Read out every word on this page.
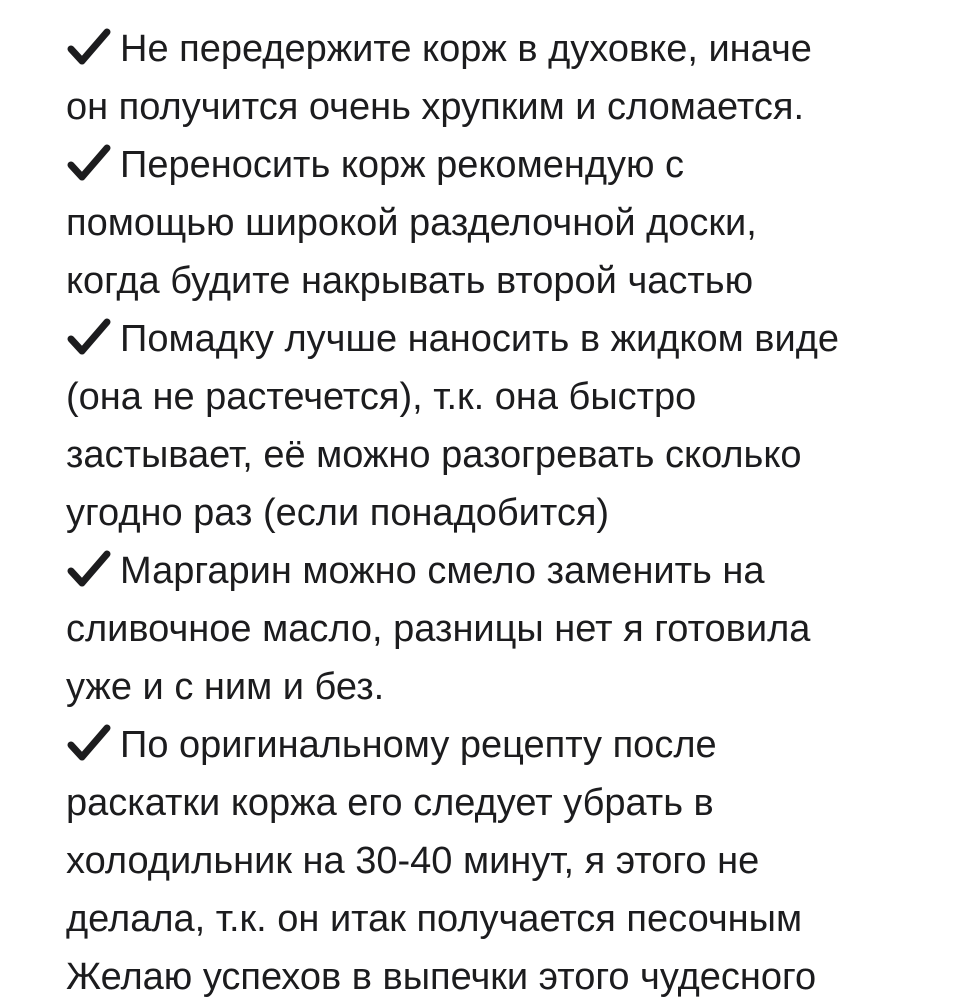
Не передержите корж в духовке, иначе
он получится очень хрупким и сломается.
Переносить корж рекомендую с
помощью широкой разделочной доски,
когда будите накрывать второй частью
Помадку лучше наносить в жидком виде
(она не растечется), т.к. она быстро
застывает, её можно разогревать сколько
угодно раз (если понадобится)
Маргарин можно смело заменить на
сливочное масло, разницы нет я готовила
уже и с ним и без.
По оригинальному рецепту после
раскатки коржа его следует убрать в
холодильник на 30-40 минут, я этого не
делала, т.к. он итак получается песочным
Желаю успехов в выпечки этого чудесного
